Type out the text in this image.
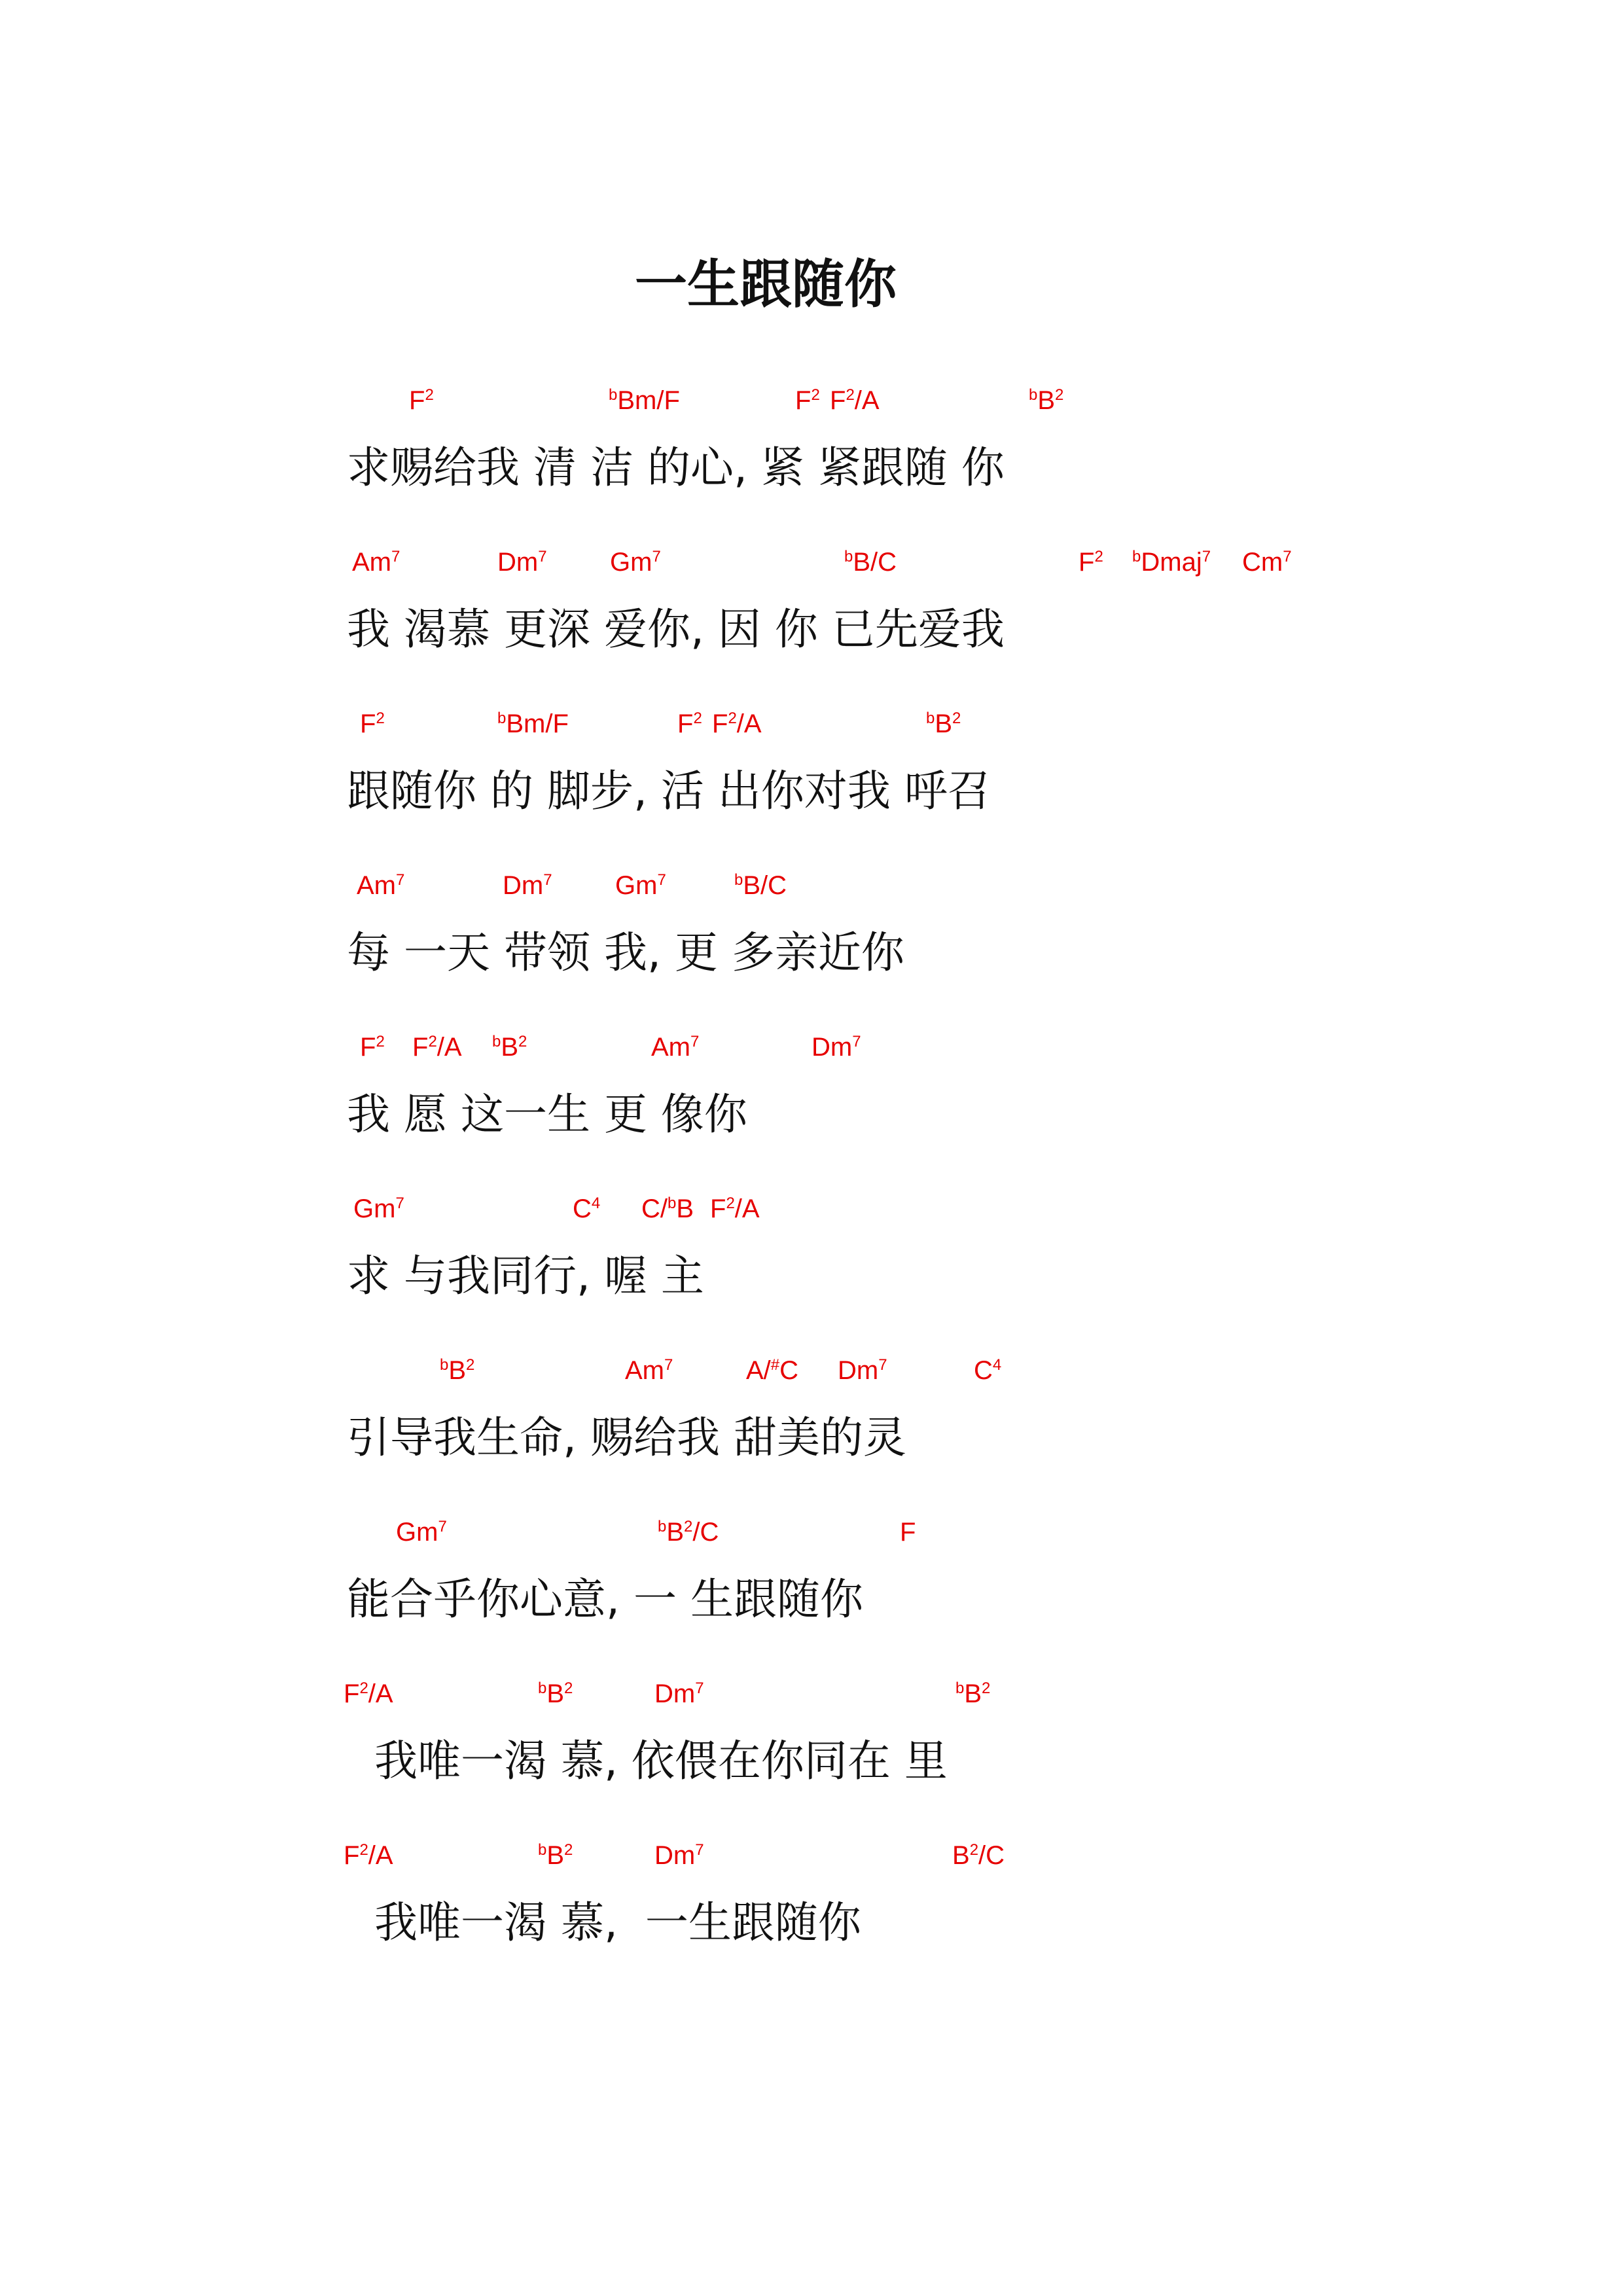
一生跟随你
$F^2$	$^b$Bm/F	$F^2$ $F^2/A$	$^bB^2$
求赐给我 清 洁 的心, 紧 紧跟随 你
Am$^7$	Dm$^7$ Gm$^7$	$^b$B/C	$F^2$ $^b$Dmaj$^7$ Cm$^7$
我 渴慕 更深 爱你, 因 你 已先爱我
$F^2$	$^b$Bm/F	$F^2$ $F^2/A$	$^bB^2$
跟随你 的 脚步, 活 出你对我 呼召
Am$^7$	Dm$^7$ Gm$^7$	$^b$B/C
每 一天 带领 我, 更 多亲近你
$F^2$ $F^2/A$ $^bB^2$	Am$^7$	Dm$^7$
我 愿 这一生 更 像你
Gm$^7$	$C^4$ C/$^b$B $F^2/A$
求 与我同行, 喔 主
$^bB^2$	Am$^7$	A/#C Dm$^7$	$C^4$
引导我生命, 赐给我 甜美的灵
Gm$^7$	$^bB^2/C$	F
能合乎你心意, 一 生跟随你
$F^2/A$	$^bB^2$	Dm$^7$	$^bB^2$
我唯一渴 慕, 依偎在你同在 里
$F^2/A$	$^bB^2$	Dm$^7$	$B^2/C$
我唯一渴 慕,  一生跟随你
